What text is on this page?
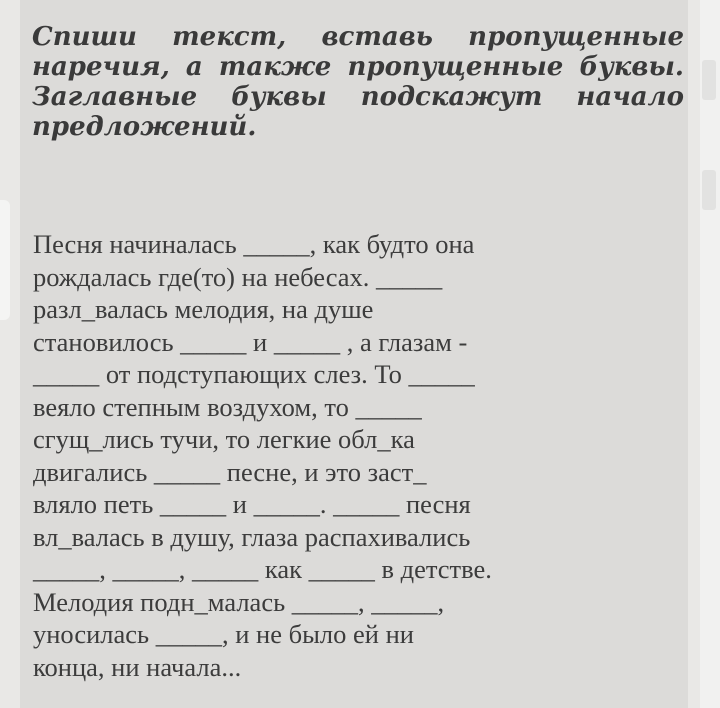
Спиши текст, вставь пропущенные наречия, а также пропущенные буквы. Заглавные буквы подскажут начало предложений.
Песня начиналась _____, как будто она
рождалась где(то) на небесах. _____
разл_валась мелодия, на душе
становилось _____ и _____ , а глазам -
_____ от подступающих слез. То _____
веяло степным воздухом, то _____
сгущ_лись тучи, то легкие обл_ка
двигались _____ песне, и это заст_
вляло петь _____ и _____. _____ песня
вл_валась в душу, глаза распахивались
_____, _____, _____ как _____ в детстве.
Мелодия подн_малась _____, _____,
уносилась _____, и не было ей ни
конца, ни начала...
